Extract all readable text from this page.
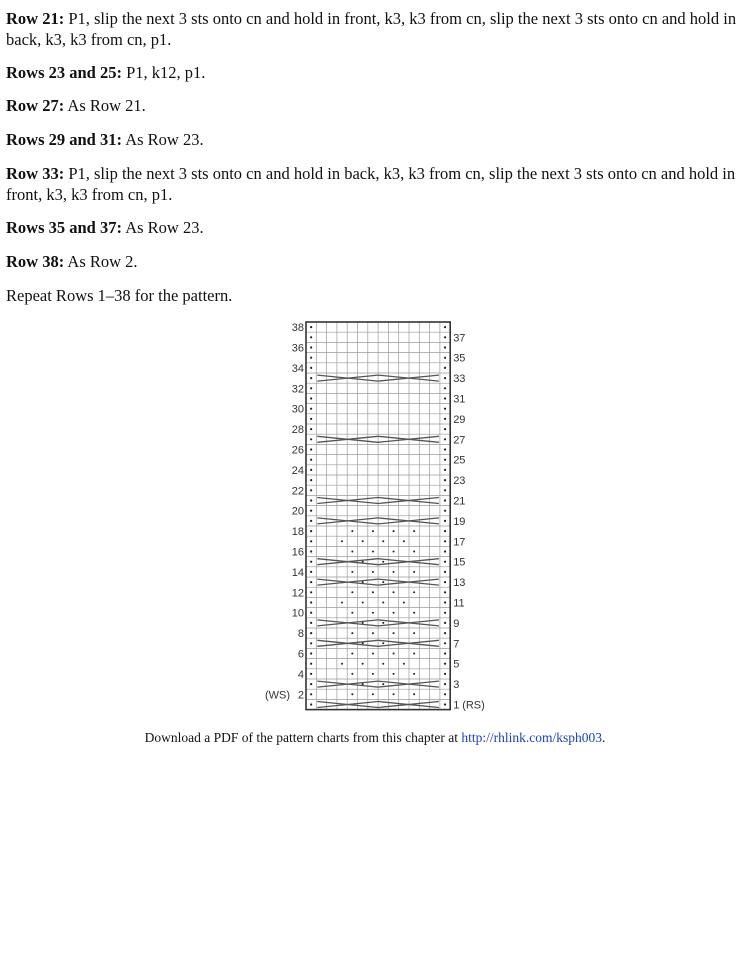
Row 21: P1, slip the next 3 sts onto cn and hold in front, k3, k3 from cn, slip the next 3 sts onto cn and hold in back, k3, k3 from cn, p1.

Rows 23 and 25: P1, k12, p1.

Row 27: As Row 21.

Rows 29 and 31: As Row 23.

Row 33: P1, slip the next 3 sts onto cn and hold in back, k3, k3 from cn, slip the next 3 sts onto cn and hold in front, k3, k3 from cn, p1.

Rows 35 and 37: As Row 23.

Row 38: As Row 2.

Repeat Rows 1–38 for the pattern.

38
36
34
32
30
28
26
24
22
20
18
16
14
12
10
8
6
4
2
37
35
33
31
29
27
25
23
21
19
17
15
13
11
9
7
5
3
1
(WS)
(RS)
Download a PDF of the pattern charts from this chapter at http://rhlink.com/ksph003.
